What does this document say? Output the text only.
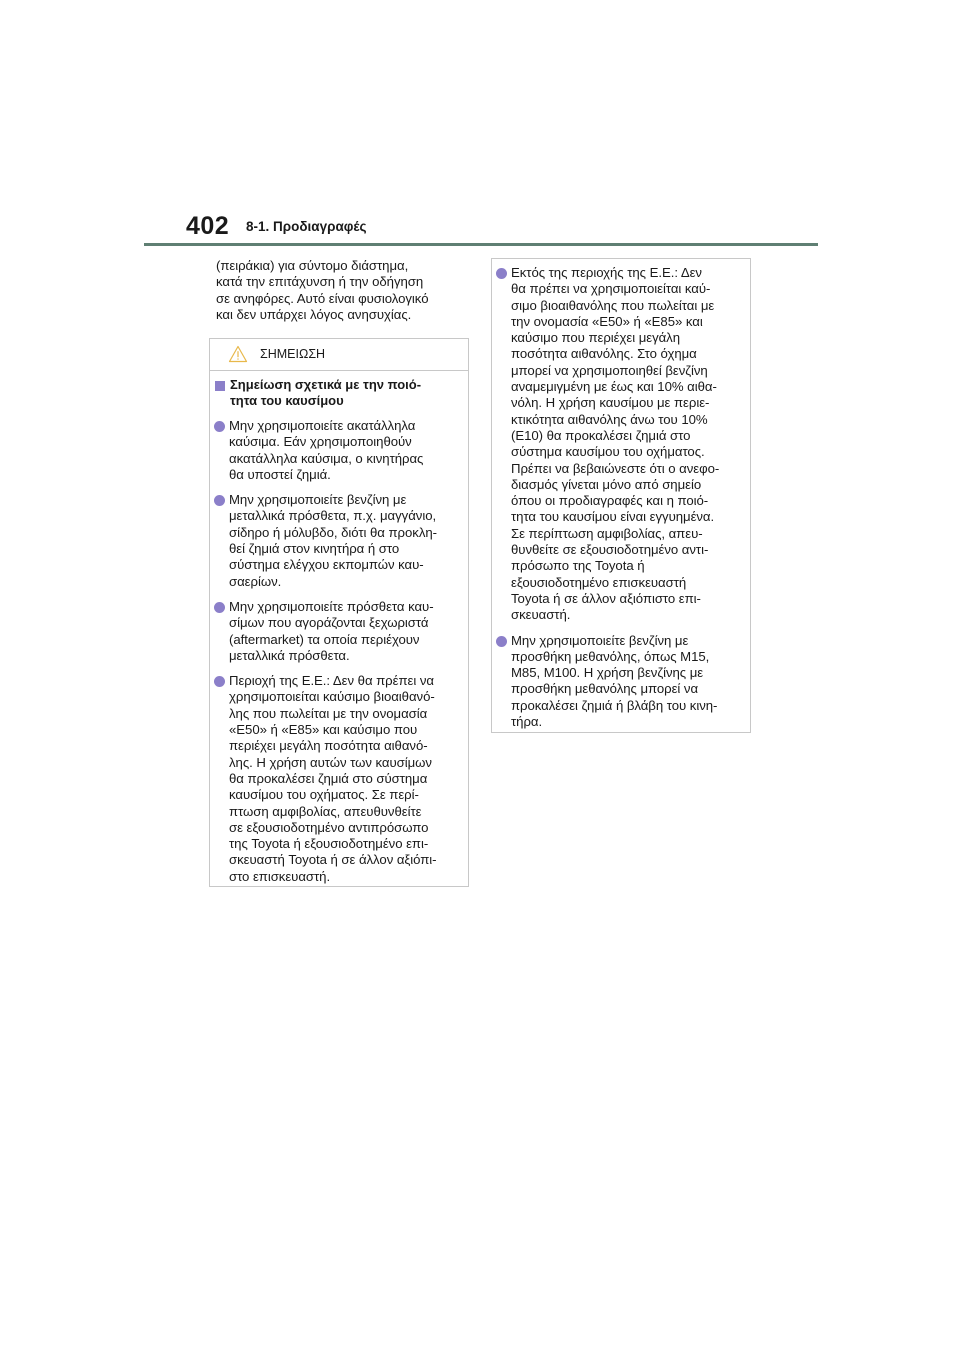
402 8-1. Προδιαγραφές

(πειράκια) για σύντομο διάστημα,

κατά την επιτάχυνση ή την οδήγηση

σε ανηφόρες. Αυτό είναι φυσιολογικό

και δεν υπάρχει λόγος ανησυχίας.

ΣΗΜΕΙΩΣΗ
Σημείωση σχετικά με την ποιό-
τητα του καυσίμου

Μην χρησιμοποιείτε ακατάλληλα

καύσιμα. Εάν χρησιμοποιηθούν

ακατάλληλα καύσιμα, ο κινητήρας

θα υποστεί ζημιά.

Μην χρησιμοποιείτε βενζίνη με

μεταλλικά πρόσθετα, π.χ. μαγγάνιο,

σίδηρο ή μόλυβδο, διότι θα προκλη-

θεί ζημιά στον κινητήρα ή στο

σύστημα ελέγχου εκπομπών καυ-

σαερίων.

Μην χρησιμοποιείτε πρόσθετα καυ-

σίμων που αγοράζονται ξεχωριστά

(aftermarket) τα οποία περιέχουν

μεταλλικά πρόσθετα.

Περιοχή της Ε.Ε.: Δεν θα πρέπει να

χρησιμοποιείται καύσιμο βιοαιθανό-

λης που πωλείται με την ονομασία

«E50» ή «E85» και καύσιμο που

περιέχει μεγάλη ποσότητα αιθανό-

λης. Η χρήση αυτών των καυσίμων

θα προκαλέσει ζημιά στο σύστημα

καυσίμου του οχήματος. Σε περί-

πτωση αμφιβολίας, απευθυνθείτε

σε εξουσιοδοτημένο αντιπρόσωπο

της Toyota ή εξουσιοδοτημένο επι-

σκευαστή Toyota ή σε άλλον αξιόπι-

στο επισκευαστή.

Εκτός της περιοχής της Ε.Ε.: Δεν

θα πρέπει να χρησιμοποιείται καύ-

σιμο βιοαιθανόλης που πωλείται με

την ονομασία «E50» ή «E85» και

καύσιμο που περιέχει μεγάλη

ποσότητα αιθανόλης. Στο όχημα

μπορεί να χρησιμοποιηθεί βενζίνη

αναμεμιγμένη με έως και 10% αιθα-

νόλη. Η χρήση καυσίμου με περιε-

κτικότητα αιθανόλης άνω του 10%

(E10) θα προκαλέσει ζημιά στο

σύστημα καυσίμου του οχήματος.

Πρέπει να βεβαιώνεστε ότι ο ανεφο-

διασμός γίνεται μόνο από σημείο

όπου οι προδιαγραφές και η ποιό-

τητα του καυσίμου είναι εγγυημένα.

Σε περίπτωση αμφιβολίας, απευ-

θυνθείτε σε εξουσιοδοτημένο αντι-

πρόσωπο της Toyota ή

εξουσιοδοτημένο επισκευαστή

Toyota ή σε άλλον αξιόπιστο επι-

σκευαστή.

Μην χρησιμοποιείτε βενζίνη με

προσθήκη μεθανόλης, όπως M15,

M85, M100. Η χρήση βενζίνης με

προσθήκη μεθανόλης μπορεί να

προκαλέσει ζημιά ή βλάβη του κινη-

τήρα.
